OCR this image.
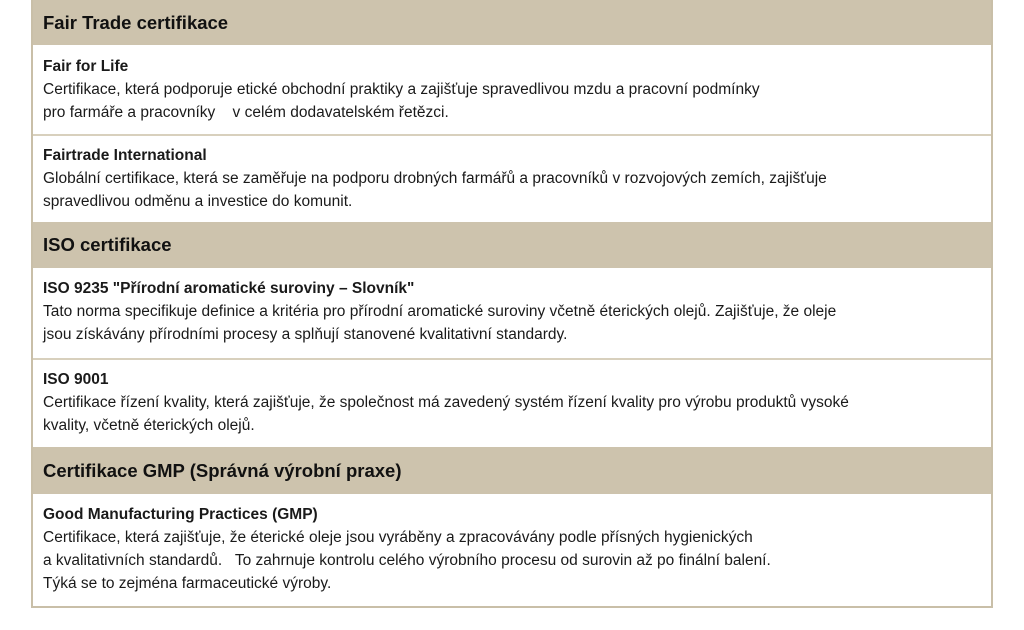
Fair Trade certifikace
Fair for Life
Certifikace, která podporuje etické obchodní praktiky a zajišťuje spravedlivou mzdu a pracovní podmínky
pro farmáře a pracovníky    v celém dodavatelském řetězci.
Fairtrade International
Globální certifikace, která se zaměřuje na podporu drobných farmářů a pracovníků v rozvojových zemích, zajišťuje
spravedlivou odměnu a investice do komunit.
ISO certifikace
ISO 9235 "Přírodní aromatické suroviny – Slovník"
Tato norma specifikuje definice a kritéria pro přírodní aromatické suroviny včetně éterických olejů. Zajišťuje, že oleje
jsou získávány přírodními procesy a splňují stanovené kvalitativní standardy.
ISO 9001
Certifikace řízení kvality, která zajišťuje, že společnost má zavedený systém řízení kvality pro výrobu produktů vysoké
kvality, včetně éterických olejů.
Certifikace GMP (Správná výrobní praxe)
Good Manufacturing Practices (GMP)
Certifikace, která zajišťuje, že éterické oleje jsou vyráběny a zpracovávány podle přísných hygienických
a kvalitativních standardů.   To zahrnuje kontrolu celého výrobního procesu od surovin až po finální balení.
Týká se to zejména farmaceutické výroby.
